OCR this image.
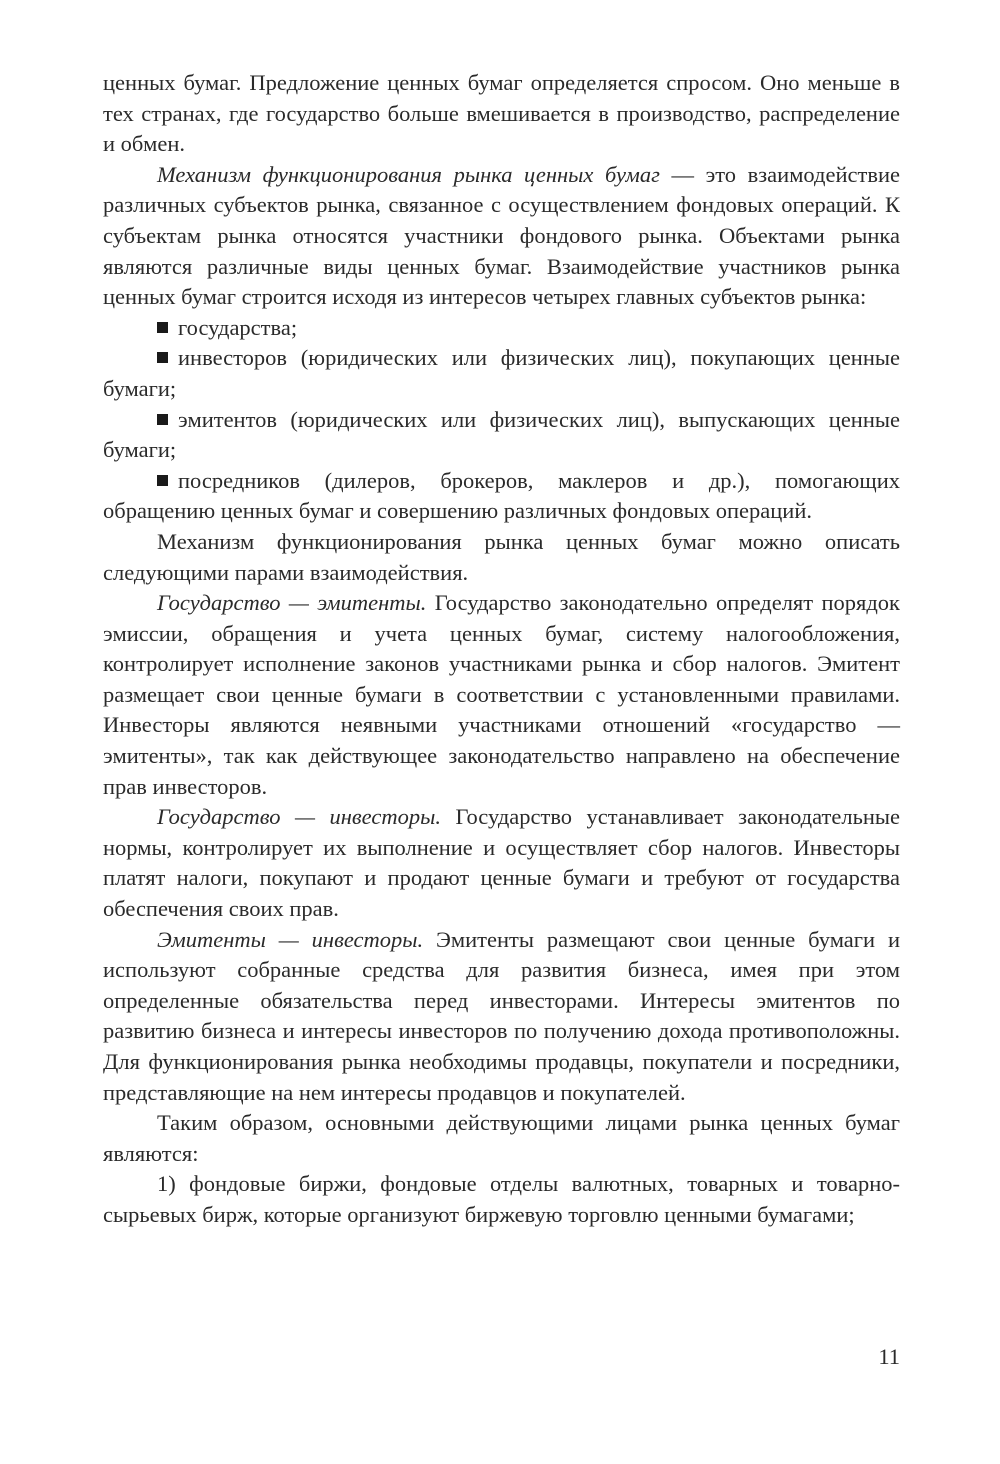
ценных бумаг. Предложение ценных бумаг определяется спросом. Оно меньше в тех странах, где государство больше вмешивается в производство, распределение и обмен.

Механизм функционирования рынка ценных бумаг — это взаимодействие различных субъектов рынка, связанное с осуществлением фондовых операций. К субъектам рынка относятся участники фондового рынка. Объектами рынка являются различные виды ценных бумаг. Взаимодействие участников рынка ценных бумаг строится исходя из интересов четырех главных субъектов рынка:

государства;

инвесторов (юридических или физических лиц), покупающих ценные бумаги;

эмитентов (юридических или физических лиц), выпускающих ценные бумаги;

посредников (дилеров, брокеров, маклеров и др.), помогающих обращению ценных бумаг и совершению различных фондовых операций.

Механизм функционирования рынка ценных бумаг можно описать следующими парами взаимодействия.

Государство — эмитенты. Государство законодательно определят порядок эмиссии, обращения и учета ценных бумаг, систему налогообложения, контролирует исполнение законов участниками рынка и сбор налогов. Эмитент размещает свои ценные бумаги в соответствии с установленными правилами. Инвесторы являются неявными участниками отношений «государство — эмитенты», так как действующее законодательство направлено на обеспечение прав инвесторов.

Государство — инвесторы. Государство устанавливает законодательные нормы, контролирует их выполнение и осуществляет сбор налогов. Инвесторы платят налоги, покупают и продают ценные бумаги и требуют от государства обеспечения своих прав.

Эмитенты — инвесторы. Эмитенты размещают свои ценные бумаги и используют собранные средства для развития бизнеса, имея при этом определенные обязательства перед инвесторами. Интересы эмитентов по развитию бизнеса и интересы инвесторов по получению дохода противоположны. Для функционирования рынка необходимы продавцы, покупатели и посредники, представляющие на нем интересы продавцов и покупателей.

Таким образом, основными действующими лицами рынка ценных бумаг являются:

1) фондовые биржи, фондовые отделы валютных, товарных и товарно-сырьевых бирж, которые организуют биржевую торговлю ценными бумагами;

11
